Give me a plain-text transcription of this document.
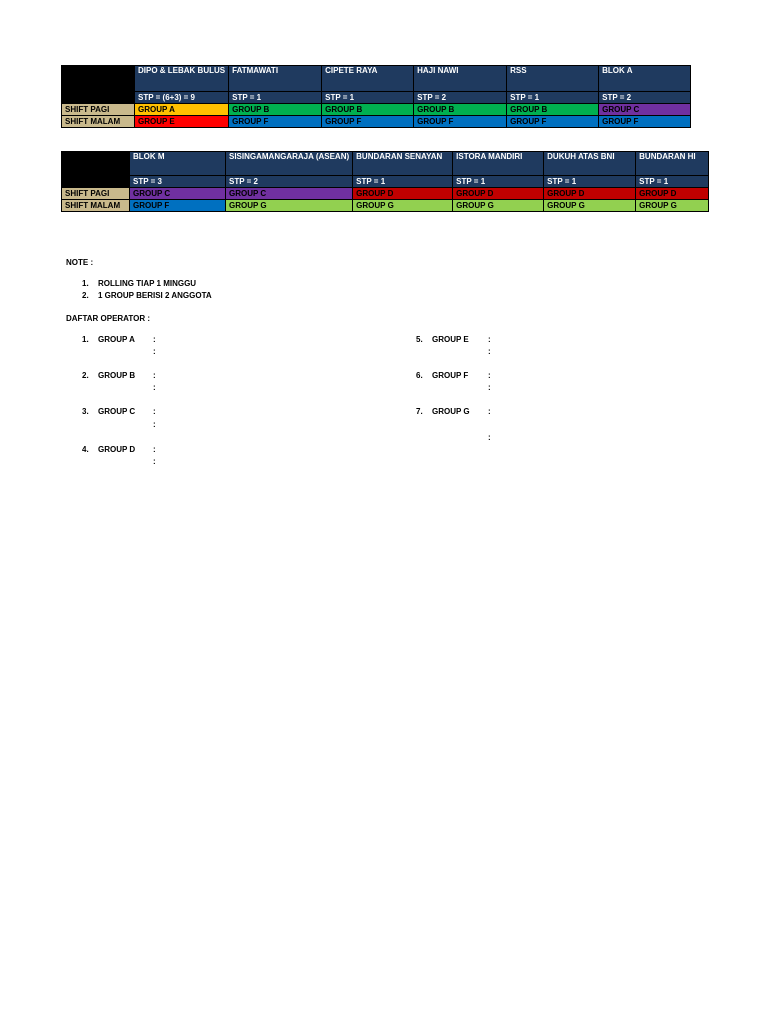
	DIPO & LEBAK BULUS	FATMAWATI	CIPETE RAYA	HAJI NAWI	RSS	BLOK A
	STP = (6+3) = 9	STP = 1	STP = 1	STP = 2	STP = 1	STP = 2
SHIFT PAGI	GROUP A	GROUP B	GROUP B	GROUP B	GROUP B	GROUP C
SHIFT MALAM	GROUP E	GROUP F	GROUP F	GROUP F	GROUP F	GROUP F
	BLOK M	SISINGAMANGARAJA (ASEAN)	BUNDARAN SENAYAN	ISTORA MANDIRI	DUKUH ATAS BNI	BUNDARAN HI
	STP = 3	STP = 2	STP = 1	STP = 1	STP = 1	STP = 1
SHIFT PAGI	GROUP C	GROUP C	GROUP D	GROUP D	GROUP D	GROUP D
SHIFT MALAM	GROUP F	GROUP G	GROUP G	GROUP G	GROUP G	GROUP G
NOTE :
1. ROLLING TIAP 1 MINGGU
2. 1 GROUP BERISI 2 ANGGOTA
DAFTAR OPERATOR :
1. GROUP A	:
:
2. GROUP B	:
:
3. GROUP C	:
:
4. GROUP D	:
:
5. GROUP E	:
:
6. GROUP F	:
:
7. GROUP G	:
:
